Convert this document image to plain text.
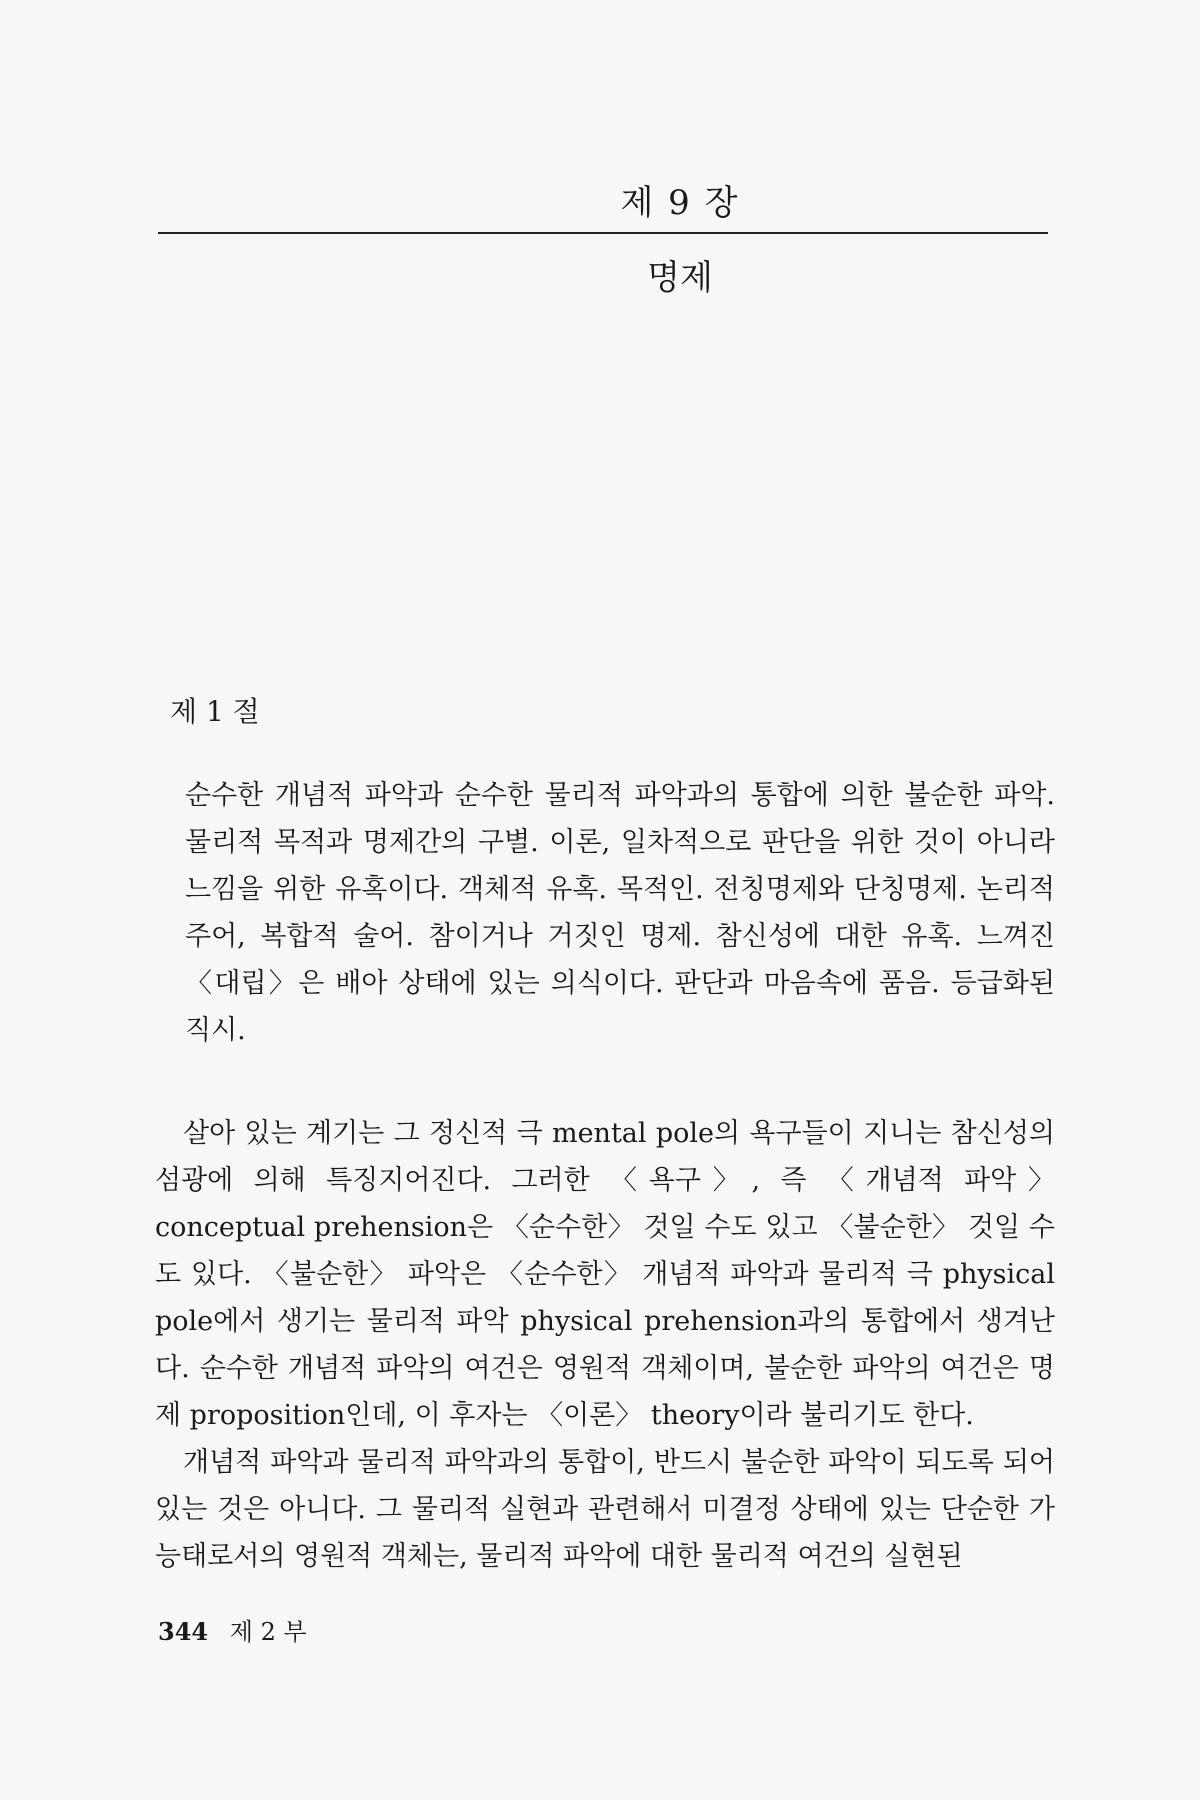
제 9 장
명제
제 1 절
순수한 개념적 파악과 순수한 물리적 파악과의 통합에 의한 불순한 파악. 물리적 목적과 명제간의 구별. 이론, 일차적으로 판단을 위한 것이 아니라 느낌을 위한 유혹이다. 객체적 유혹. 목적인. 전칭명제와 단칭명제. 논리적 주어, 복합적 술어. 참이거나 거짓인 명제. 참신성에 대한 유혹. 느껴진 〈대립〉은 배아 상태에 있는 의식이다. 판단과 마음속에 품음. 등급화된 직시.

살아 있는 계기는 그 정신적 극 mental pole의 욕구들이 지니는 참신성의 섬광에 의해 특징지어진다. 그러한 〈욕구〉, 즉 〈개념적 파악〉 conceptual prehension은 〈순수한〉 것일 수도 있고 〈불순한〉 것일 수도 있다. 〈불순한〉 파악은 〈순수한〉 개념적 파악과 물리적 극 physical pole에서 생기는 물리적 파악 physical prehension과의 통합에서 생겨난다. 순수한 개념적 파악의 여건은 영원적 객체이며, 불순한 파악의 여건은 명제 proposition인데, 이 후자는 〈이론〉 theory이라 불리기도 한다.

개념적 파악과 물리적 파악과의 통합이, 반드시 불순한 파악이 되도록 되어 있는 것은 아니다. 그 물리적 실현과 관련해서 미결정 상태에 있는 단순한 가능태로서의 영원적 객체는, 물리적 파악에 대한 물리적 여건의 실현된

344 제 2 부
